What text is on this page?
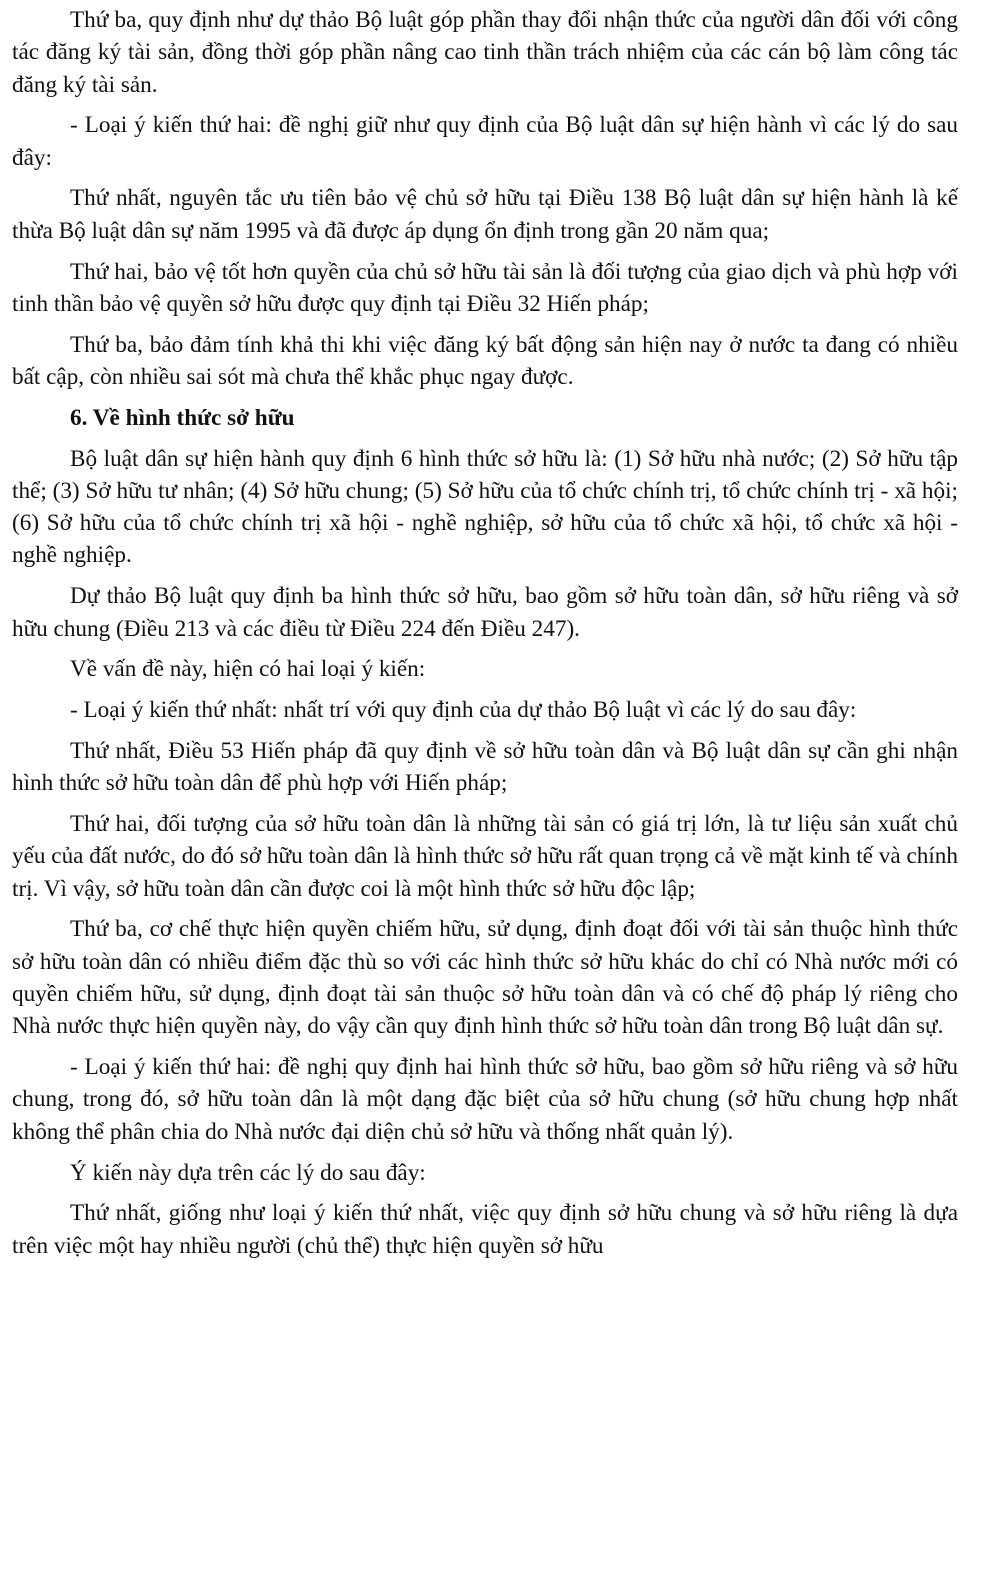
Thứ ba, quy định như dự thảo Bộ luật góp phần thay đổi nhận thức của người dân đối với công tác đăng ký tài sản, đồng thời góp phần nâng cao tinh thần trách nhiệm của các cán bộ làm công tác đăng ký tài sản.

- Loại ý kiến thứ hai: đề nghị giữ như quy định của Bộ luật dân sự hiện hành vì các lý do sau đây:

Thứ nhất, nguyên tắc ưu tiên bảo vệ chủ sở hữu tại Điều 138 Bộ luật dân sự hiện hành là kế thừa Bộ luật dân sự năm 1995 và đã được áp dụng ổn định trong gần 20 năm qua;

Thứ hai, bảo vệ tốt hơn quyền của chủ sở hữu tài sản là đối tượng của giao dịch và phù hợp với tinh thần bảo vệ quyền sở hữu được quy định tại Điều 32 Hiến pháp;

Thứ ba, bảo đảm tính khả thi khi việc đăng ký bất động sản hiện nay ở nước ta đang có nhiều bất cập, còn nhiều sai sót mà chưa thể khắc phục ngay được.

6. Về hình thức sở hữu

Bộ luật dân sự hiện hành quy định 6 hình thức sở hữu là: (1) Sở hữu nhà nước; (2) Sở hữu tập thể; (3) Sở hữu tư nhân; (4) Sở hữu chung; (5) Sở hữu của tổ chức chính trị, tổ chức chính trị - xã hội; (6) Sở hữu của tổ chức chính trị xã hội - nghề nghiệp, sở hữu của tổ chức xã hội, tổ chức xã hội - nghề nghiệp.

Dự thảo Bộ luật quy định ba hình thức sở hữu, bao gồm sở hữu toàn dân, sở hữu riêng và sở hữu chung (Điều 213 và các điều từ Điều 224 đến Điều 247).

Về vấn đề này, hiện có hai loại ý kiến:

- Loại ý kiến thứ nhất: nhất trí với quy định của dự thảo Bộ luật vì các lý do sau đây:

Thứ nhất, Điều 53 Hiến pháp đã quy định về sở hữu toàn dân và Bộ luật dân sự cần ghi nhận hình thức sở hữu toàn dân để phù hợp với Hiến pháp;

Thứ hai, đối tượng của sở hữu toàn dân là những tài sản có giá trị lớn, là tư liệu sản xuất chủ yếu của đất nước, do đó sở hữu toàn dân là hình thức sở hữu rất quan trọng cả về mặt kinh tế và chính trị. Vì vậy, sở hữu toàn dân cần được coi là một hình thức sở hữu độc lập;

Thứ ba, cơ chế thực hiện quyền chiếm hữu, sử dụng, định đoạt đối với tài sản thuộc hình thức sở hữu toàn dân có nhiều điểm đặc thù so với các hình thức sở hữu khác do chỉ có Nhà nước mới có quyền chiếm hữu, sử dụng, định đoạt tài sản thuộc sở hữu toàn dân và có chế độ pháp lý riêng cho Nhà nước thực hiện quyền này, do vậy cần quy định hình thức sở hữu toàn dân trong Bộ luật dân sự.

- Loại ý kiến thứ hai: đề nghị quy định hai hình thức sở hữu, bao gồm sở hữu riêng và sở hữu chung, trong đó, sở hữu toàn dân là một dạng đặc biệt của sở hữu chung (sở hữu chung hợp nhất không thể phân chia do Nhà nước đại diện chủ sở hữu và thống nhất quản lý).

Ý kiến này dựa trên các lý do sau đây:

Thứ nhất, giống như loại ý kiến thứ nhất, việc quy định sở hữu chung và sở hữu riêng là dựa trên việc một hay nhiều người (chủ thể) thực hiện quyền sở hữu
